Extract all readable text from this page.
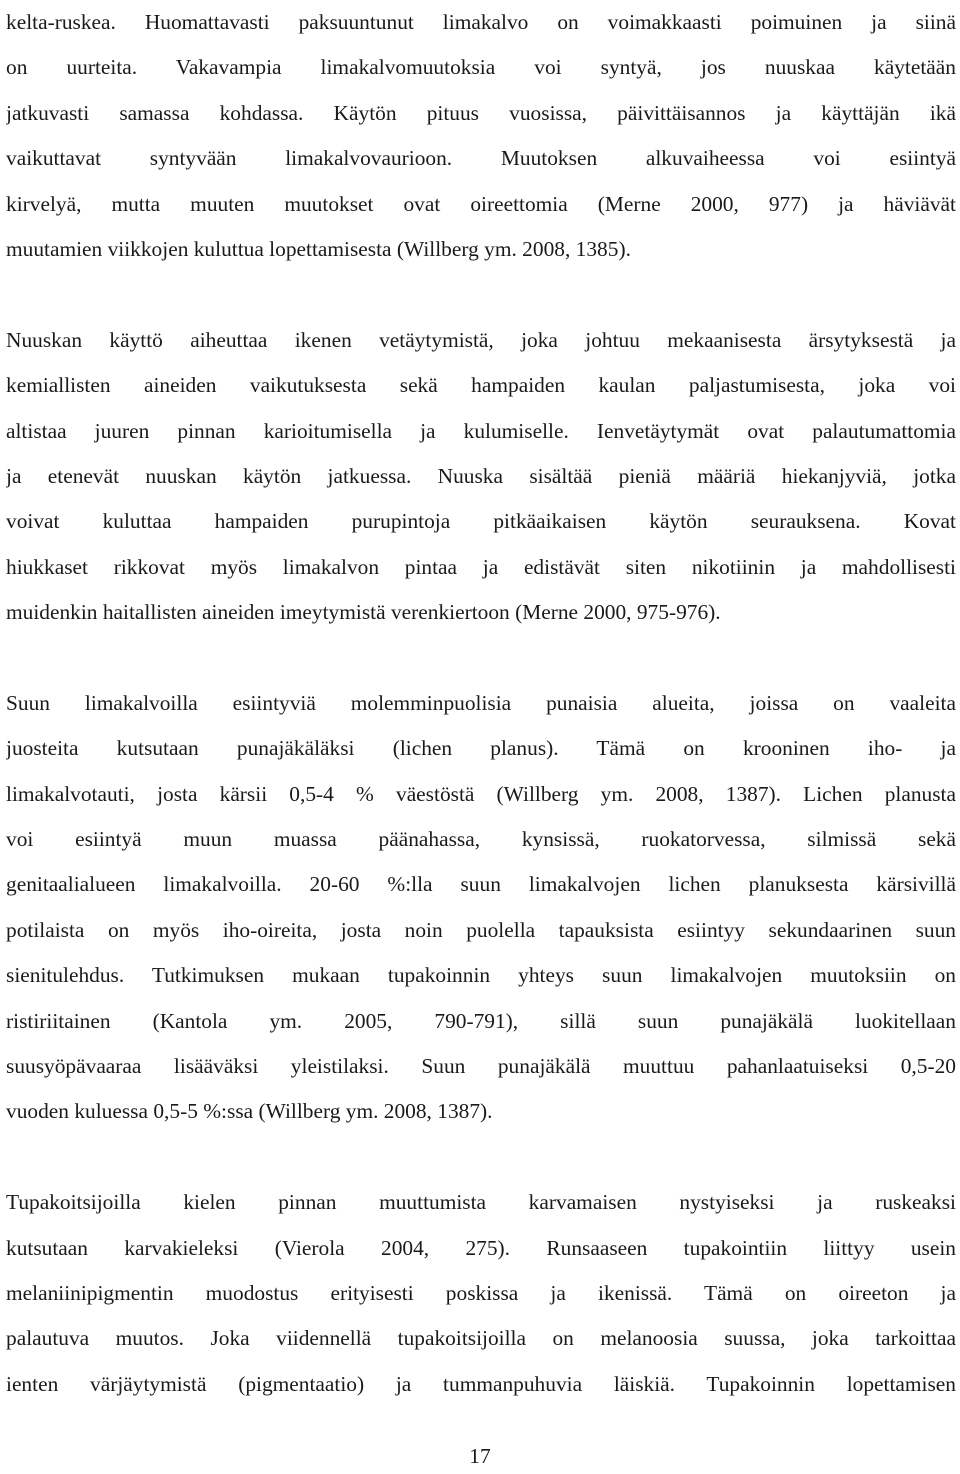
kelta-ruskea. Huomattavasti paksuuntunut limakalvo on voimakkaasti poimuinen ja siinä
on uurteita. Vakavampia limakalvomuutoksia voi syntyä, jos nuuskaa käytetään
jatkuvasti samassa kohdassa. Käytön pituus vuosissa, päivittäisannos ja käyttäjän ikä
vaikuttavat syntyvään limakalvovaurioon. Muutoksen alkuvaiheessa voi esiintyä
kirvelyä, mutta muuten muutokset ovat oireettomia (Merne 2000, 977) ja häviävät
muutamien viikkojen kuluttua lopettamisesta (Willberg ym. 2008, 1385).
Nuuskan käyttö aiheuttaa ikenen vetäytymistä, joka johtuu mekaanisesta ärsytyksestä ja
kemiallisten aineiden vaikutuksesta sekä hampaiden kaulan paljastumisesta, joka voi
altistaa juuren pinnan karioitumisella ja kulumiselle. Ienvetäytymät ovat palautumattomia
ja etenevät nuuskan käytön jatkuessa. Nuuska sisältää pieniä määriä hiekanjyviä, jotka
voivat kuluttaa hampaiden purupintoja pitkäaikaisen käytön seurauksena. Kovat
hiukkaset rikkovat myös limakalvon pintaa ja edistävät siten nikotiinin ja mahdollisesti
muidenkin haitallisten aineiden imeytymistä verenkiertoon (Merne 2000, 975-976).
Suun limakalvoilla esiintyviä molemminpuolisia punaisia alueita, joissa on vaaleita
juosteita kutsutaan punajäkäläksi (lichen planus). Tämä on krooninen iho- ja
limakalvotauti, josta kärsii 0,5-4 % väestöstä (Willberg ym. 2008, 1387). Lichen planusta
voi esiintyä muun muassa päänahassa, kynsissä, ruokatorvessa, silmissä sekä
genitaalialueen limakalvoilla. 20-60 %:lla suun limakalvojen lichen planuksesta kärsivillä
potilaista on myös iho-oireita, josta noin puolella tapauksista esiintyy sekundaarinen suun
sienitulehdus. Tutkimuksen mukaan tupakoinnin yhteys suun limakalvojen muutoksiin on
ristiriitainen (Kantola ym. 2005, 790-791), sillä suun punajäkälä luokitellaan
suusyöpävaaraa lisääväksi yleistilaksi. Suun punajäkälä muuttuu pahanlaatuiseksi 0,5-20
vuoden kuluessa 0,5-5 %:ssa (Willberg ym. 2008, 1387).
Tupakoitsijoilla kielen pinnan muuttumista karvamaisen nystyiseksi ja ruskeaksi
kutsutaan karvakieleksi (Vierola 2004, 275). Runsaaseen tupakointiin liittyy usein
melaniinipigmentin muodostus erityisesti poskissa ja ikenissä. Tämä on oireeton ja
palautuva muutos. Joka viidennellä tupakoitsijoilla on melanoosia suussa, joka tarkoittaa
ienten värjäytymistä (pigmentaatio) ja tummanpuhuvia läiskiä. Tupakoinnin lopettamisen
17
